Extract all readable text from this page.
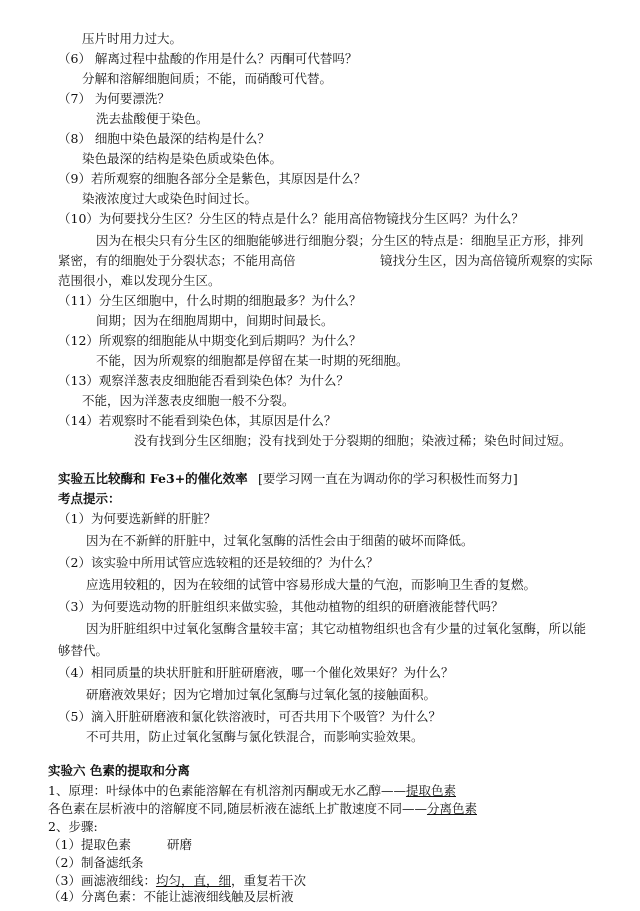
压片时用力过大。
（6） 解离过程中盐酸的作用是什么？丙酮可代替吗？
分解和溶解细胞间质；不能，而硝酸可代替。
（7） 为何要漂洗？
洗去盐酸便于染色。
（8） 细胞中染色最深的结构是什么？
染色最深的结构是染色质或染色体。
（9）若所观察的细胞各部分全是紫色，其原因是什么？
染液浓度过大或染色时间过长。
（10）为何要找分生区？分生区的特点是什么？能用高倍物镜找分生区吗？为什么？
因为在根尖只有分生区的细胞能够进行细胞分裂；分生区的特点是：细胞呈正方形，排列
紧密，有的细胞处于分裂状态；不能用高倍	镜找分生区，因为高倍镜所观察的实际
范围很小，难以发现分生区。
（11）分生区细胞中，什么时期的细胞最多？为什么？
间期；因为在细胞周期中，间期时间最长。
（12）所观察的细胞能从中期变化到后期吗？为什么？
不能，因为所观察的细胞都是停留在某一时期的死细胞。
（13）观察洋葱表皮细胞能否看到染色体？为什么？
不能，因为洋葱表皮细胞一般不分裂。
（14）若观察时不能看到染色体，其原因是什么？
没有找到分生区细胞；没有找到处于分裂期的细胞；染液过稀；染色时间过短。
实验五比较酶和 Fe3+的催化效率 [要学习网一直在为调动你的学习积极性而努力]
考点提示：
（1）为何要选新鲜的肝脏？
因为在不新鲜的肝脏中，过氧化氢酶的活性会由于细菌的破坏而降低。
（2）该实验中所用试管应选较粗的还是较细的？为什么？
应选用较粗的，因为在较细的试管中容易形成大量的气泡，而影响卫生香的复燃。
（3）为何要选动物的肝脏组织来做实验，其他动植物的组织的研磨液能替代吗？
因为肝脏组织中过氧化氢酶含量较丰富；其它动植物组织也含有少量的过氧化氢酶，所以能
够替代。
（4）相同质量的块状肝脏和肝脏研磨液，哪一个催化效果好？为什么？
研磨液效果好；因为它增加过氧化氢酶与过氧化氢的接触面积。
（5）滴入肝脏研磨液和氯化铁溶液时，可否共用下个吸管？为什么？
不可共用，防止过氧化氢酶与氯化铁混合，而影响实验效果。
实验六 色素的提取和分离
1、原理：叶绿体中的色素能溶解在有机溶剂丙酮或无水乙醇——提取色素
各色素在层析液中的溶解度不同,随层析液在滤纸上扩散速度不同——分离色素
2、步骤:
（1）提取色素	研磨
（2）制备滤纸条
（3）画滤液细线：均匀，直，细，重复若干次
（4）分离色素：不能让滤液细线触及层析液
